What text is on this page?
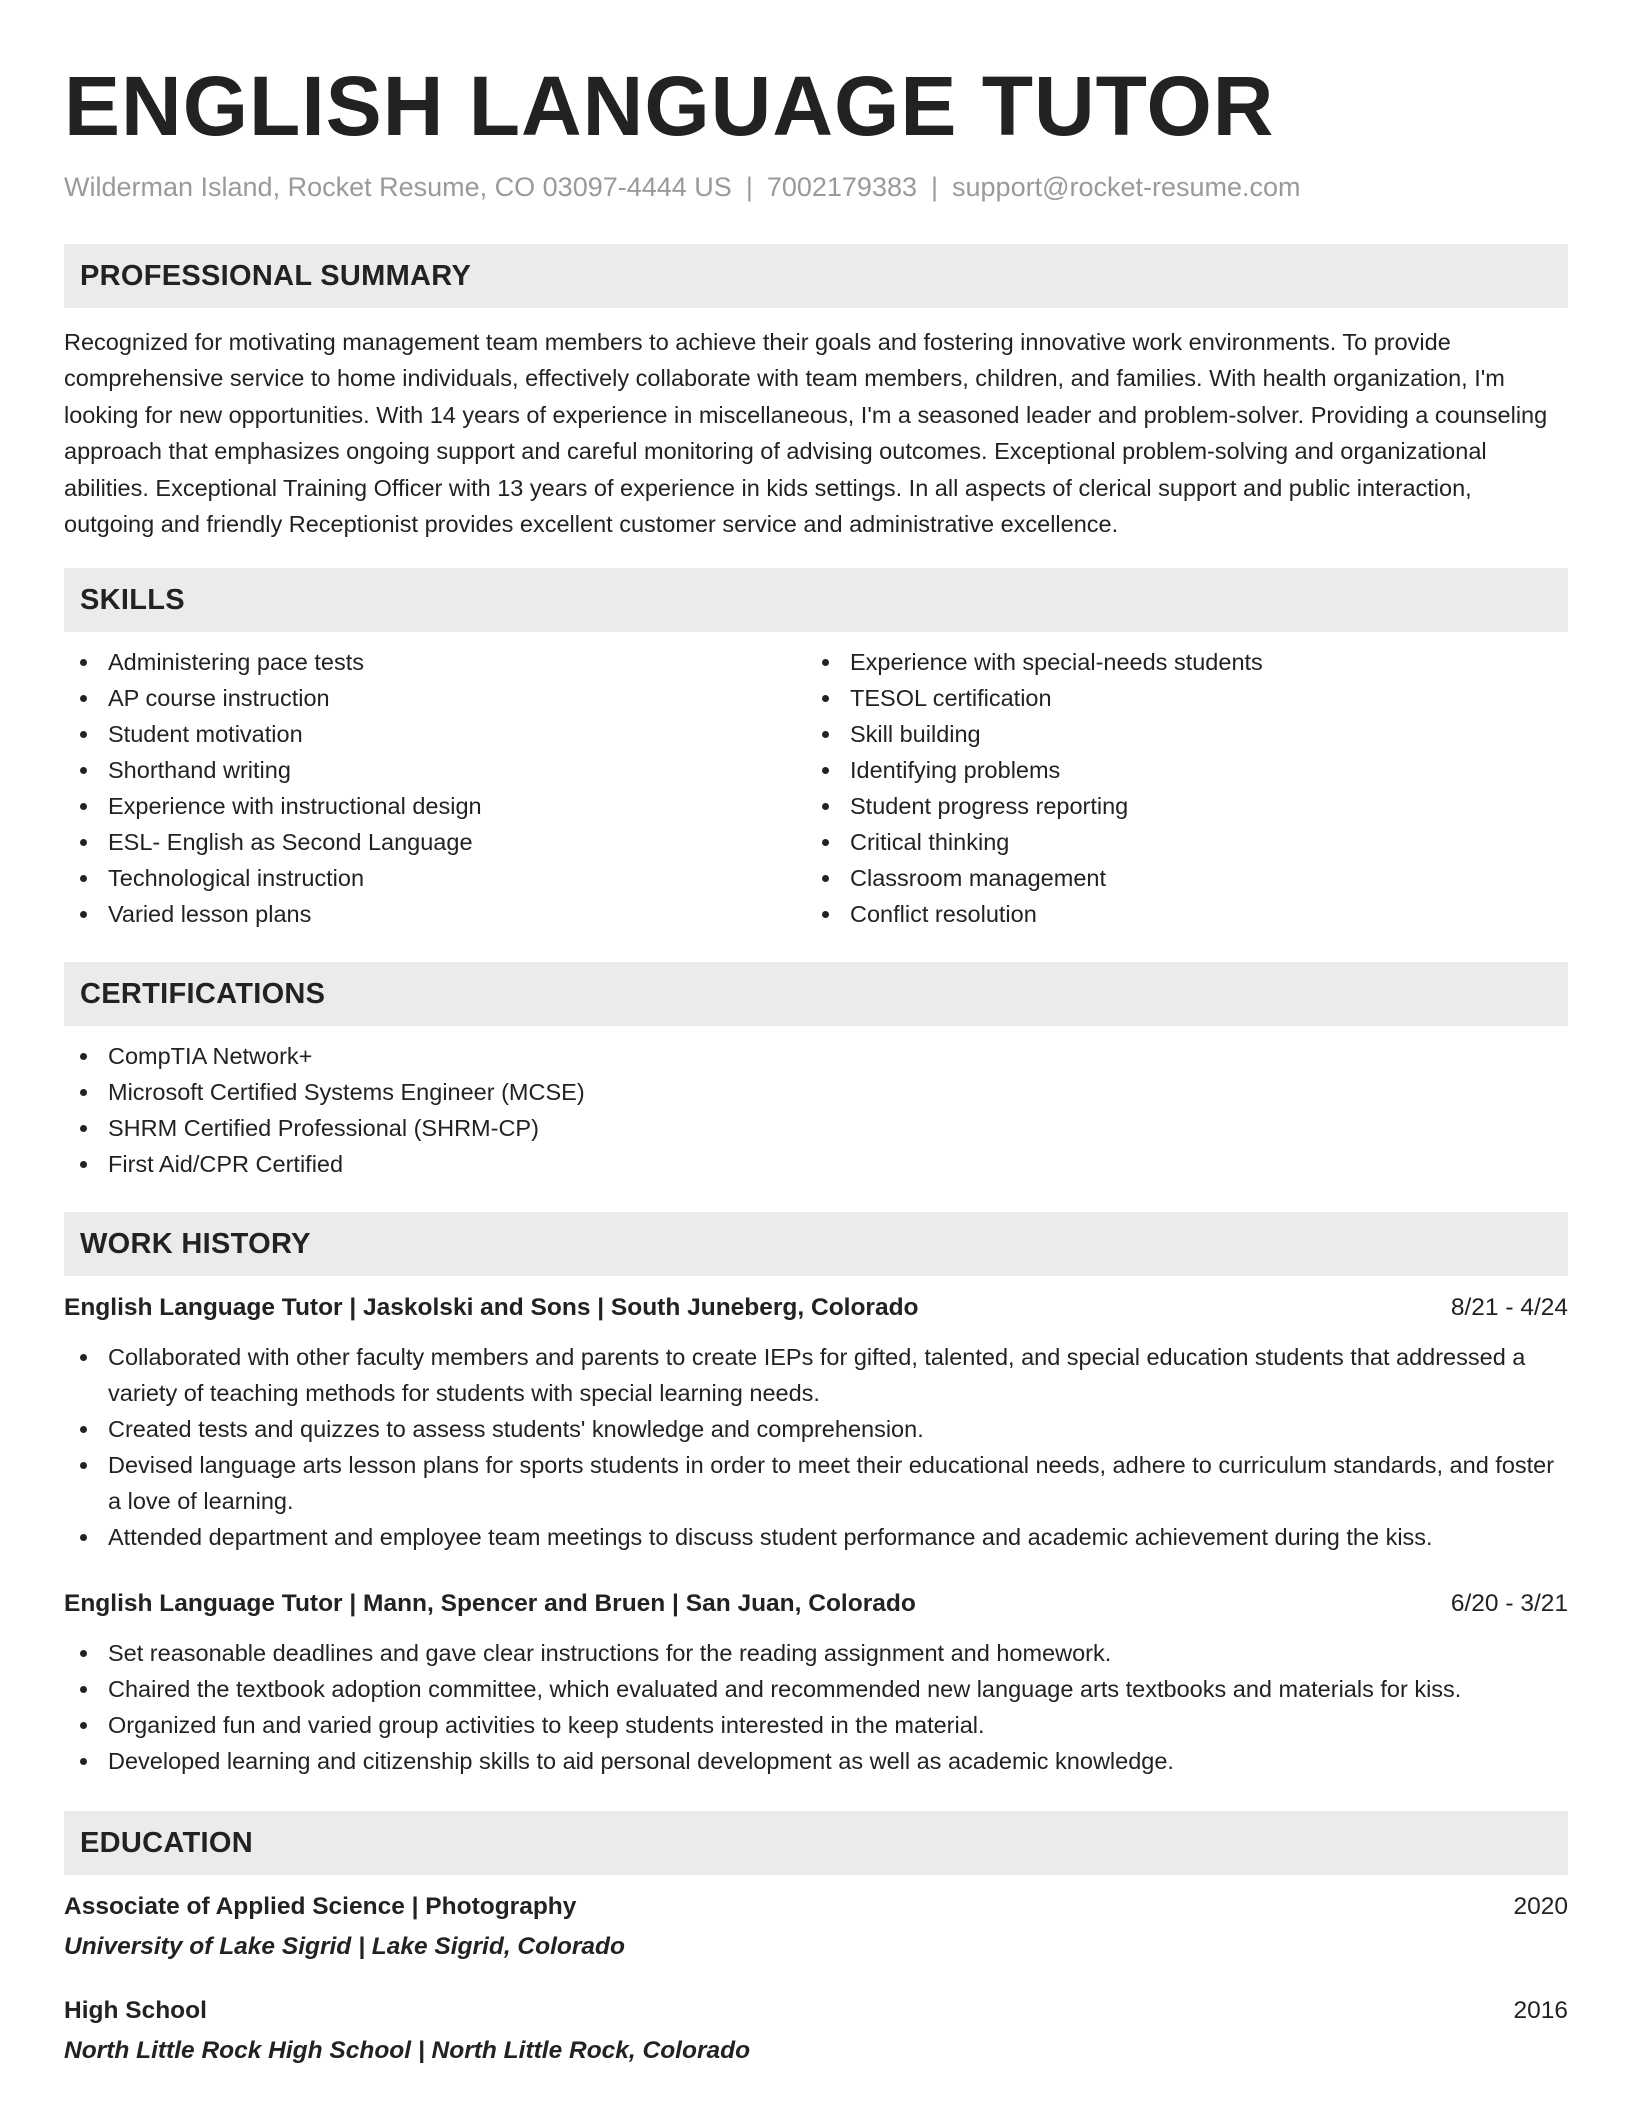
ENGLISH LANGUAGE TUTOR
Wilderman Island, Rocket Resume, CO 03097-4444 US | 7002179383 | support@rocket-resume.com
PROFESSIONAL SUMMARY

Recognized for motivating management team members to achieve their goals and fostering innovative work environments. To provide comprehensive service to home individuals, effectively collaborate with team members, children, and families. With health organization, I'm looking for new opportunities. With 14 years of experience in miscellaneous, I'm a seasoned leader and problem-solver. Providing a counseling approach that emphasizes ongoing support and careful monitoring of advising outcomes. Exceptional problem-solving and organizational abilities. Exceptional Training Officer with 13 years of experience in kids settings. In all aspects of clerical support and public interaction, outgoing and friendly Receptionist provides excellent customer service and administrative excellence.

SKILLS
Administering pace tests
AP course instruction
Student motivation
Shorthand writing
Experience with instructional design
ESL- English as Second Language
Technological instruction
Varied lesson plans
Experience with special-needs students
TESOL certification
Skill building
Identifying problems
Student progress reporting
Critical thinking
Classroom management
Conflict resolution
CERTIFICATIONS
CompTIA Network+
Microsoft Certified Systems Engineer (MCSE)
SHRM Certified Professional (SHRM-CP)
First Aid/CPR Certified
WORK HISTORY
English Language Tutor | Jaskolski and Sons | South Juneberg, Colorado	8/21 - 4/24
Collaborated with other faculty members and parents to create IEPs for gifted, talented, and special education students that addressed a variety of teaching methods for students with special learning needs.
Created tests and quizzes to assess students' knowledge and comprehension.
Devised language arts lesson plans for sports students in order to meet their educational needs, adhere to curriculum standards, and foster a love of learning.
Attended department and employee team meetings to discuss student performance and academic achievement during the kiss.
English Language Tutor | Mann, Spencer and Bruen | San Juan, Colorado	6/20 - 3/21
Set reasonable deadlines and gave clear instructions for the reading assignment and homework.
Chaired the textbook adoption committee, which evaluated and recommended new language arts textbooks and materials for kiss.
Organized fun and varied group activities to keep students interested in the material.
Developed learning and citizenship skills to aid personal development as well as academic knowledge.
EDUCATION
Associate of Applied Science | Photography	2020
University of Lake Sigrid | Lake Sigrid, Colorado
High School	2016
North Little Rock High School | North Little Rock, Colorado
